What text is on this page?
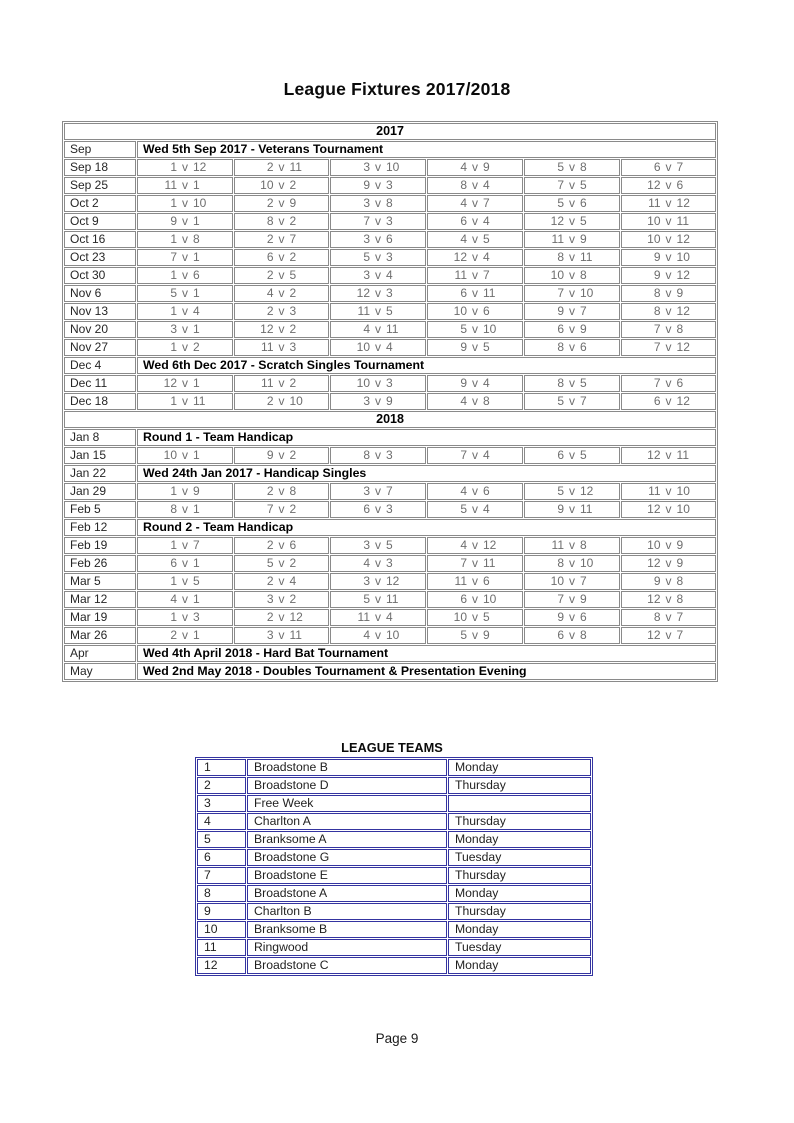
League Fixtures 2017/2018
2017						
Sep	Wed 5th Sep 2017 - Veterans Tournament					
Sep 18	1 v 12	2 v 11	3 v 10	4 v 9	5 v 8	6 v 7
Sep 25	11 v 1	10 v 2	9 v 3	8 v 4	7 v 5	12 v 6
Oct 2	1 v 10	2 v 9	3 v 8	4 v 7	5 v 6	11 v 12
Oct 9	9 v 1	8 v 2	7 v 3	6 v 4	12 v 5	10 v 11
Oct 16	1 v 8	2 v 7	3 v 6	4 v 5	11 v 9	10 v 12
Oct 23	7 v 1	6 v 2	5 v 3	12 v 4	8 v 11	9 v 10
Oct 30	1 v 6	2 v 5	3 v 4	11 v 7	10 v 8	9 v 12
Nov 6	5 v 1	4 v 2	12 v 3	6 v 11	7 v 10	8 v 9
Nov 13	1 v 4	2 v 3	11 v 5	10 v 6	9 v 7	8 v 12
Nov 20	3 v 1	12 v 2	4 v 11	5 v 10	6 v 9	7 v 8
Nov 27	1 v 2	11 v 3	10 v 4	9 v 5	8 v 6	7 v 12
Dec 4	Wed 6th Dec 2017 - Scratch Singles Tournament					
Dec 11	12 v 1	11 v 2	10 v 3	9 v 4	8 v 5	7 v 6
Dec 18	1 v 11	2 v 10	3 v 9	4 v 8	5 v 7	6 v 12
2018						
Jan 8	Round 1 - Team Handicap					
Jan 15	10 v 1	9 v 2	8 v 3	7 v 4	6 v 5	12 v 11
Jan 22	Wed 24th Jan 2017 - Handicap Singles					
Jan 29	1 v 9	2 v 8	3 v 7	4 v 6	5 v 12	11 v 10
Feb 5	8 v 1	7 v 2	6 v 3	5 v 4	9 v 11	12 v 10
Feb 12	Round 2 - Team Handicap					
Feb 19	1 v 7	2 v 6	3 v 5	4 v 12	11 v 8	10 v 9
Feb 26	6 v 1	5 v 2	4 v 3	7 v 11	8 v 10	12 v 9
Mar 5	1 v 5	2 v 4	3 v 12	11 v 6	10 v 7	9 v 8
Mar 12	4 v 1	3 v 2	5 v 11	6 v 10	7 v 9	12 v 8
Mar 19	1 v 3	2 v 12	11 v 4	10 v 5	9 v 6	8 v 7
Mar 26	2 v 1	3 v 11	4 v 10	5 v 9	6 v 8	12 v 7
Apr	Wed 4th April 2018 - Hard Bat Tournament					
May	Wed 2nd May 2018 - Doubles Tournament & Presentation Evening					
LEAGUE TEAMS
1	Broadstone B	Monday
2	Broadstone D	Thursday
3	Free Week	
4	Charlton A	Thursday
5	Branksome A	Monday
6	Broadstone G	Tuesday
7	Broadstone E	Thursday
8	Broadstone A	Monday
9	Charlton B	Thursday
10	Branksome B	Monday
11	Ringwood	Tuesday
12	Broadstone C	Monday
Page 9
